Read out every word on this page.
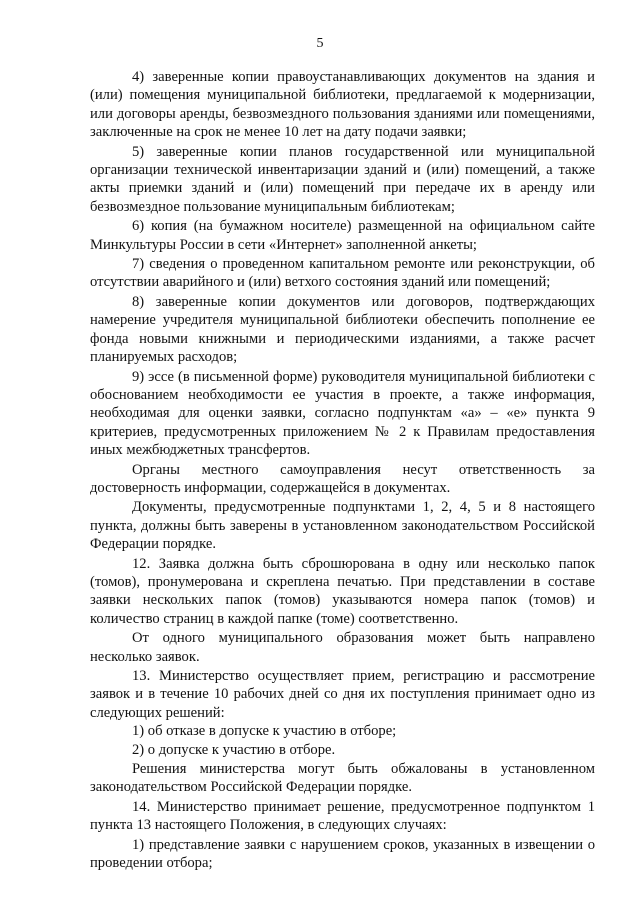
5

4) заверенные копии правоустанавливающих документов на здания и (или) помещения муниципальной библиотеки, предлагаемой к модернизации, или договоры аренды, безвозмездного пользования зданиями или помещениями, заключенные на срок не менее 10 лет на дату подачи заявки;

5) заверенные копии планов государственной или муниципальной организации технической инвентаризации зданий и (или) помещений, а также акты приемки зданий и (или) помещений при передаче их в аренду или безвозмездное пользование муниципальным библиотекам;

6) копия (на бумажном носителе) размещенной на официальном сайте Минкультуры России в сети «Интернет» заполненной анкеты;

7) сведения о проведенном капитальном ремонте или реконструкции, об отсутствии аварийного и (или) ветхого состояния зданий или помещений;

8) заверенные копии документов или договоров, подтверждающих намерение учредителя муниципальной библиотеки обеспечить пополнение ее фонда новыми книжными и периодическими изданиями, а также расчет планируемых расходов;

9) эссе (в письменной форме) руководителя муниципальной библиотеки с обоснованием необходимости ее участия в проекте, а также информация, необходимая для оценки заявки, согласно подпунктам «а» – «е» пункта 9 критериев, предусмотренных приложением № 2 к Правилам предоставления иных межбюджетных трансфертов.

Органы местного самоуправления несут ответственность за достоверность информации, содержащейся в документах.

Документы, предусмотренные подпунктами 1, 2, 4, 5 и 8 настоящего пункта, должны быть заверены в установленном законодательством Российской Федерации порядке.

12. Заявка должна быть сброшюрована в одну или несколько папок (томов), пронумерована и скреплена печатью. При представлении в составе заявки нескольких папок (томов) указываются номера папок (томов) и количество страниц в каждой папке (томе) соответственно.

От одного муниципального образования может быть направлено несколько заявок.

13. Министерство осуществляет прием, регистрацию и рассмотрение заявок и в течение 10 рабочих дней со дня их поступления принимает одно из следующих решений:

1) об отказе в допуске к участию в отборе;

2) о допуске к участию в отборе.

Решения министерства могут быть обжалованы в установленном законодательством Российской Федерации порядке.

14. Министерство принимает решение, предусмотренное подпунктом 1 пункта 13 настоящего Положения, в следующих случаях:

1) представление заявки с нарушением сроков, указанных в извещении о проведении отбора;
